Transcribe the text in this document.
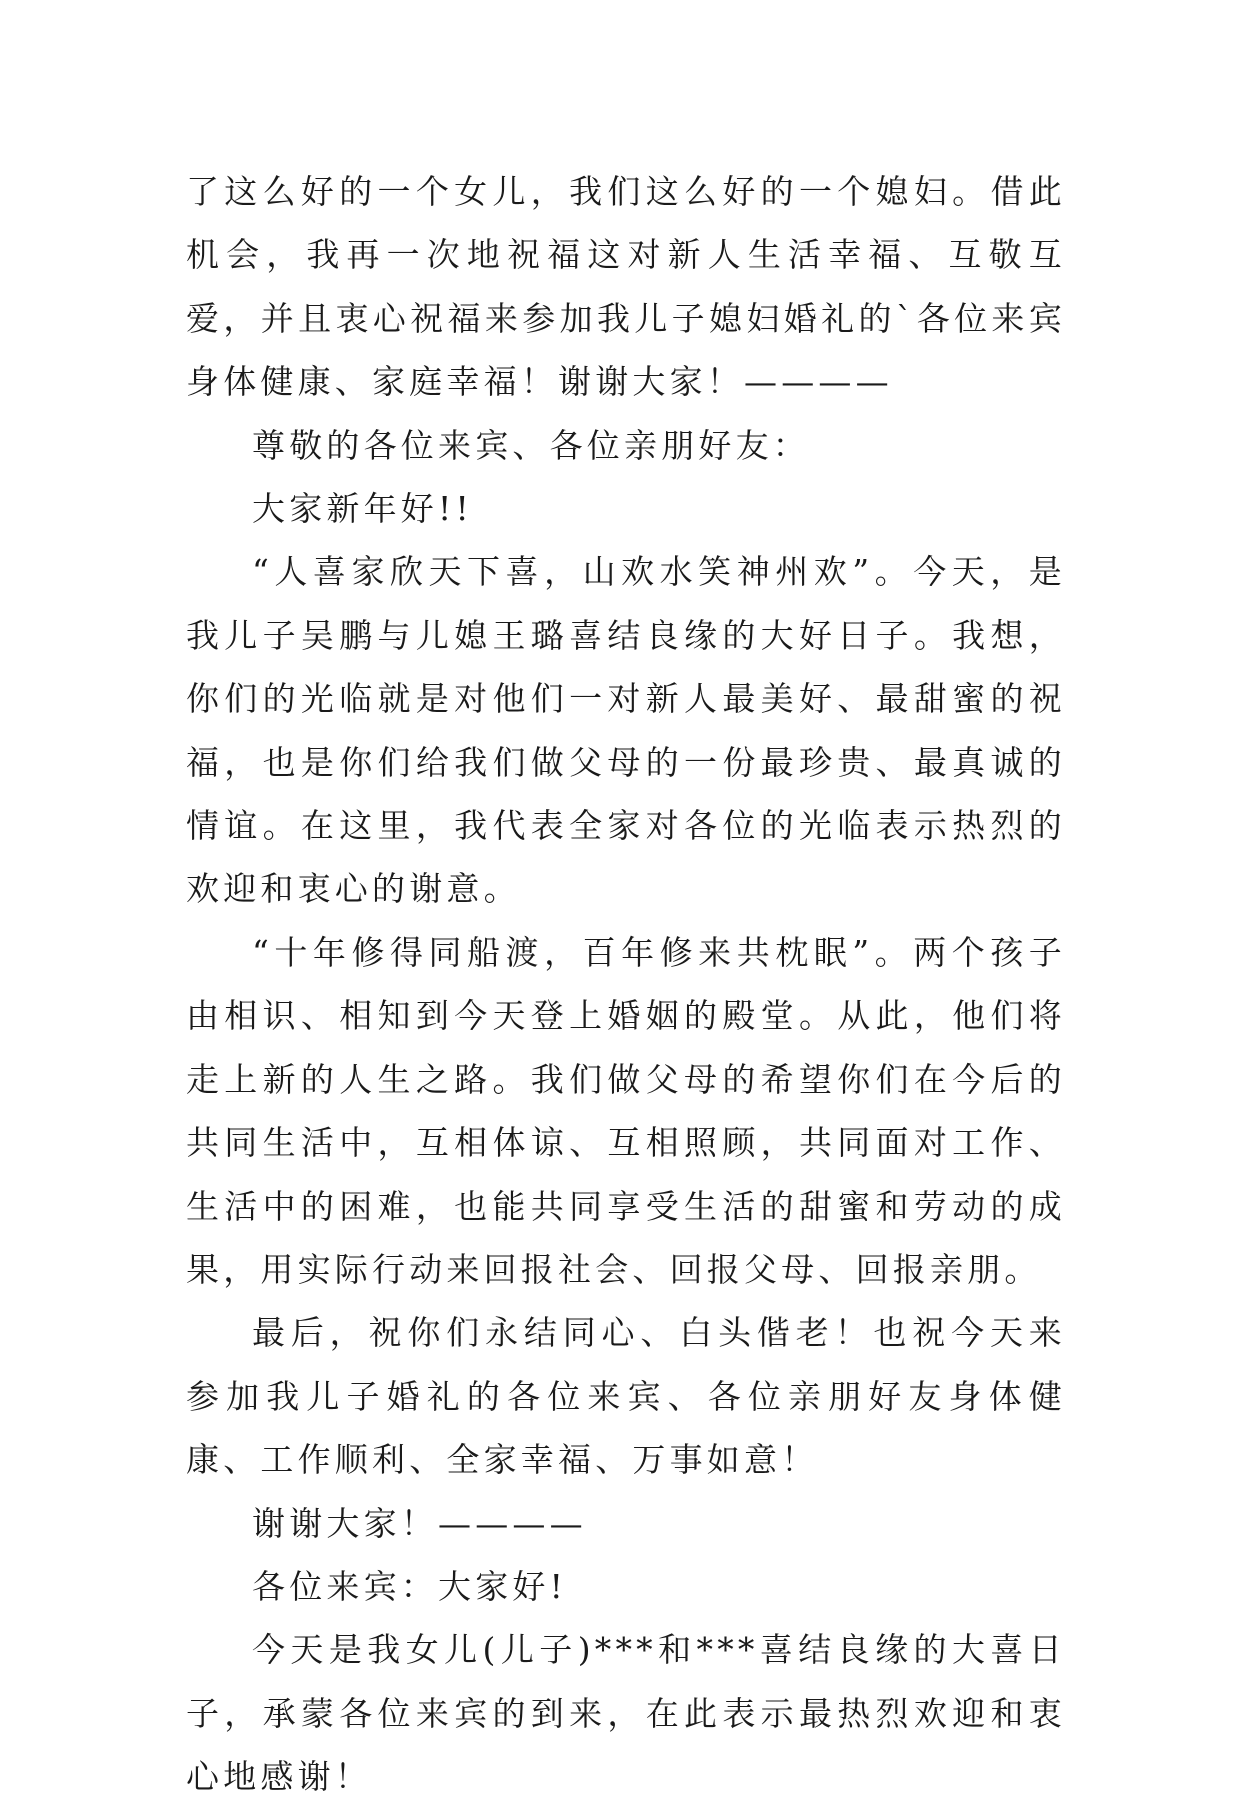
了这么好的一个女儿，我们这么好的一个媳妇。借此机会，我再一次地祝福这对新人生活幸福、互敬互爱，并且衷心祝福来参加我儿子媳妇婚礼的`各位来宾身体健康、家庭幸福！谢谢大家！————

尊敬的各位来宾、各位亲朋好友：

大家新年好!!

“人喜家欣天下喜，山欢水笑神州欢”。今天，是我儿子吴鹏与儿媳王璐喜结良缘的大好日子。我想，你们的光临就是对他们一对新人最美好、最甜蜜的祝福，也是你们给我们做父母的一份最珍贵、最真诚的情谊。在这里，我代表全家对各位的光临表示热烈的欢迎和衷心的谢意。

“十年修得同船渡，百年修来共枕眠”。两个孩子由相识、相知到今天登上婚姻的殿堂。从此，他们将走上新的人生之路。我们做父母的希望你们在今后的共同生活中，互相体谅、互相照顾，共同面对工作、生活中的困难，也能共同享受生活的甜蜜和劳动的成果，用实际行动来回报社会、回报父母、回报亲朋。

最后，祝你们永结同心、白头偕老！也祝今天来参加我儿子婚礼的各位来宾、各位亲朋好友身体健康、工作顺利、全家幸福、万事如意！

谢谢大家！————

各位来宾：大家好!

今天是我女儿(儿子)***和***喜结良缘的大喜日子，承蒙各位来宾的到来，在此表示最热烈欢迎和衷心地感谢！
